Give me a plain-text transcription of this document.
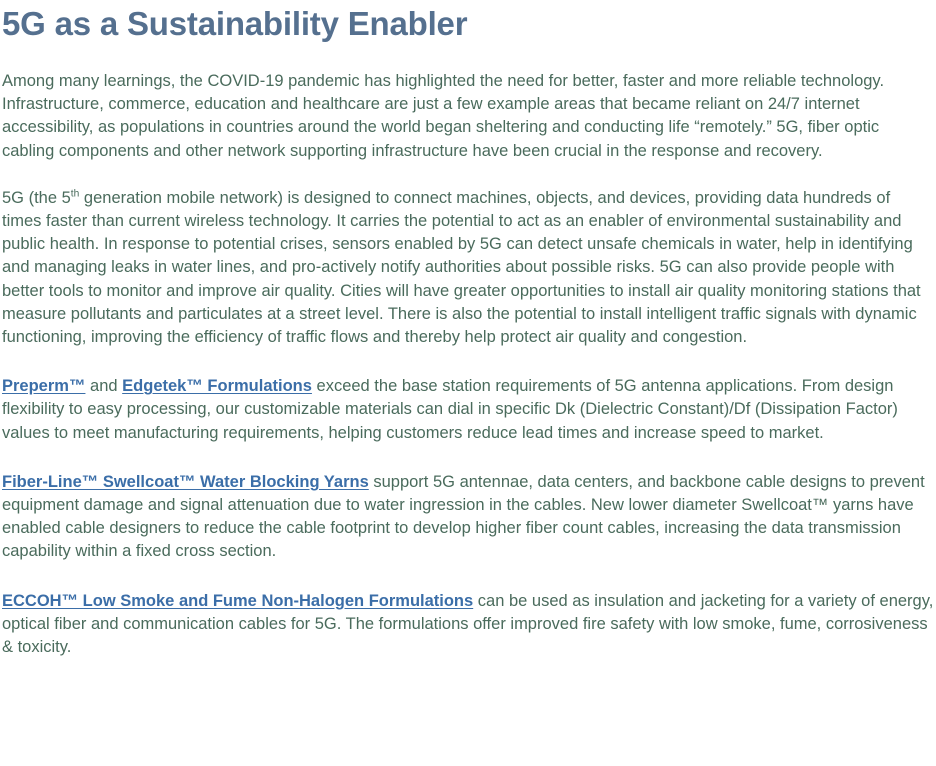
5G as a Sustainability Enabler

Among many learnings, the COVID-19 pandemic has highlighted the need for better, faster and more reliable technology. Infrastructure, commerce, education and healthcare are just a few example areas that became reliant on 24/7 internet accessibility, as populations in countries around the world began sheltering and conducting life “remotely.” 5G, fiber optic cabling components and other network supporting infrastructure have been crucial in the response and recovery.

5G (the 5th generation mobile network) is designed to connect machines, objects, and devices, providing data hundreds of times faster than current wireless technology. It carries the potential to act as an enabler of environmental sustainability and public health. In response to potential crises, sensors enabled by 5G can detect unsafe chemicals in water, help in identifying and managing leaks in water lines, and pro-actively notify authorities about possible risks. 5G can also provide people with better tools to monitor and improve air quality. Cities will have greater opportunities to install air quality monitoring stations that measure pollutants and particulates at a street level. There is also the potential to install intelligent traffic signals with dynamic functioning, improving the efficiency of traffic flows and thereby help protect air quality and congestion.

Preperm™ and Edgetek™ Formulations exceed the base station requirements of 5G antenna applications. From design flexibility to easy processing, our customizable materials can dial in specific Dk (Dielectric Constant)/Df (Dissipation Factor) values to meet manufacturing requirements, helping customers reduce lead times and increase speed to market.

Fiber-Line™ Swellcoat™ Water Blocking Yarns support 5G antennae, data centers, and backbone cable designs to prevent equipment damage and signal attenuation due to water ingression in the cables. New lower diameter Swellcoat™ yarns have enabled cable designers to reduce the cable footprint to develop higher fiber count cables, increasing the data transmission capability within a fixed cross section.

ECCOH™ Low Smoke and Fume Non-Halogen Formulations can be used as insulation and jacketing for a variety of energy, optical fiber and communication cables for 5G. The formulations offer improved fire safety with low smoke, fume, corrosiveness & toxicity.
